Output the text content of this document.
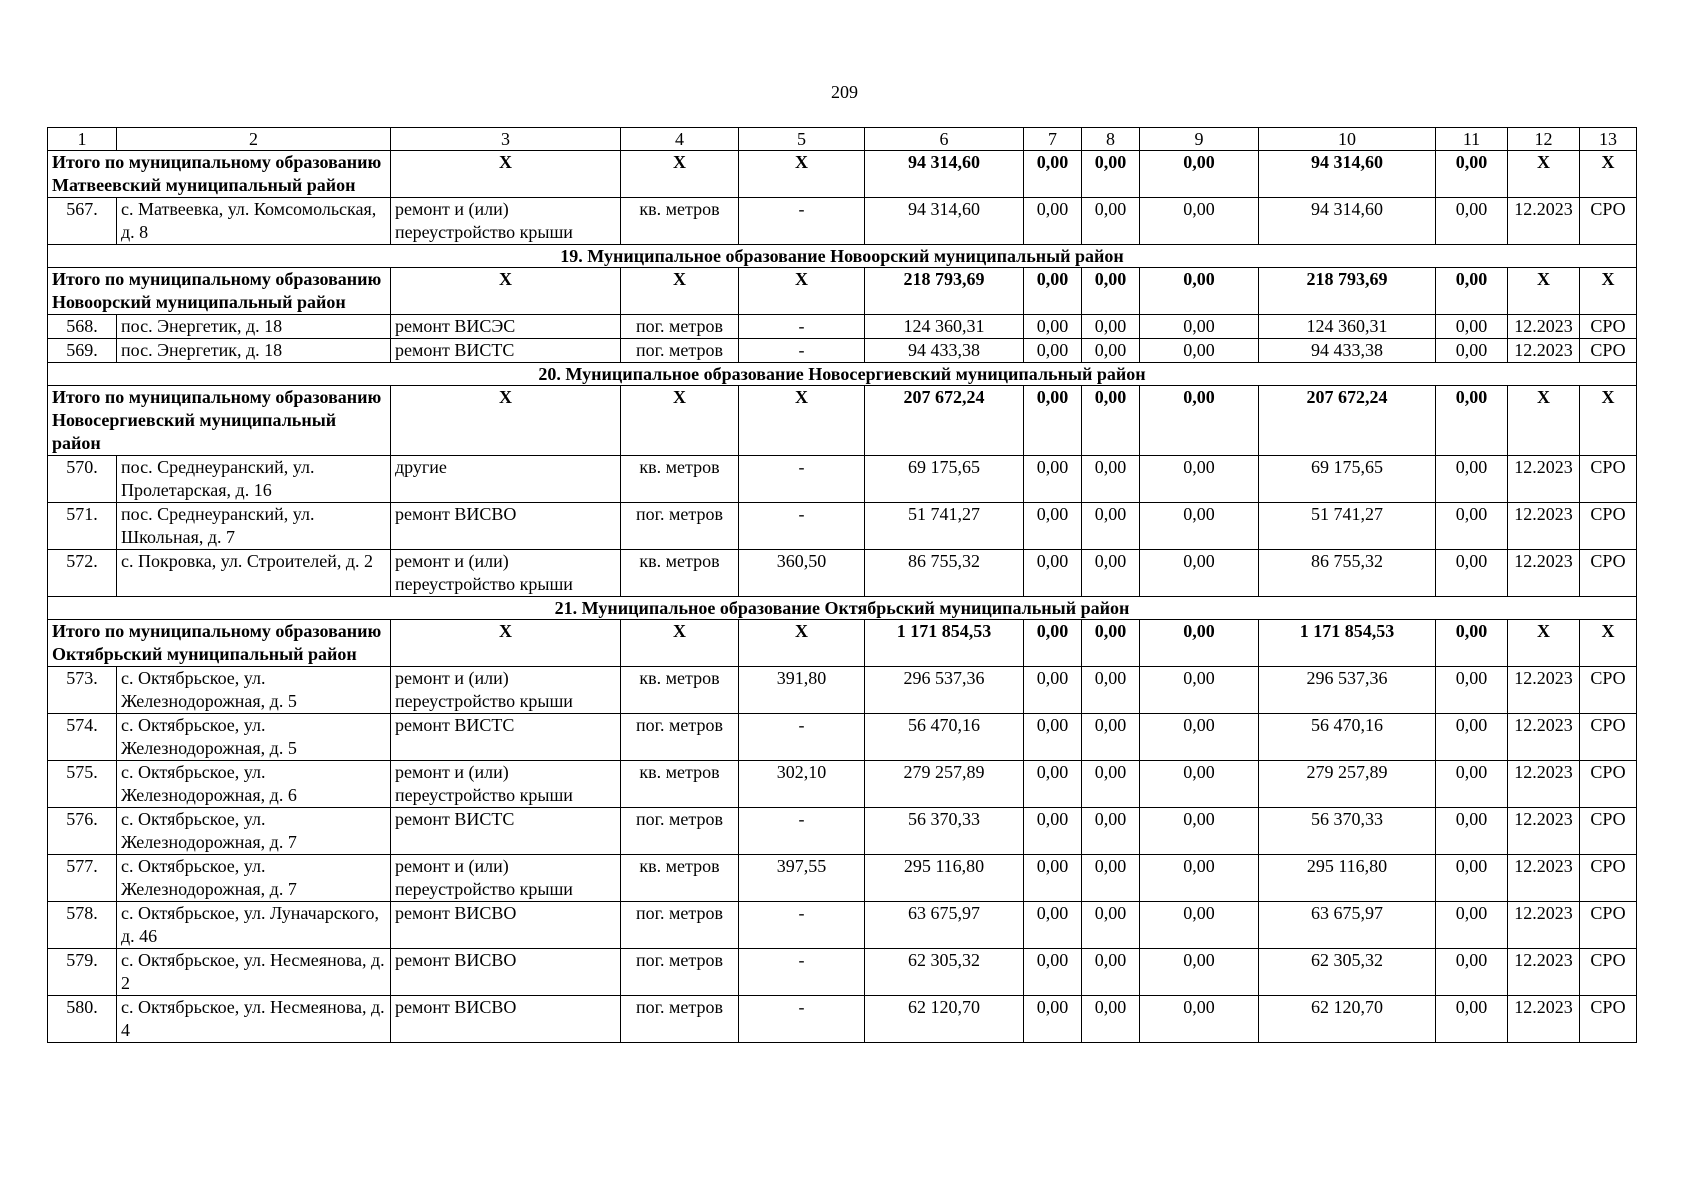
209
1	2	3	4	5	6	7	8	9	10	11	12	13
Итого по муниципальному образованию Матвеевский муниципальный район		Х	Х	Х	94 314,60	0,00	0,00	0,00	94 314,60	0,00	Х	Х
567.	с. Матвеевка, ул. Комсомольская, д. 8	ремонт и (или) переустройство крыши	кв. метров	-	94 314,60	0,00	0,00	0,00	94 314,60	0,00	12.2023	СРО
19. Муниципальное образование Новоорский муниципальный район												
Итого по муниципальному образованию Новоорский муниципальный район		Х	Х	Х	218 793,69	0,00	0,00	0,00	218 793,69	0,00	Х	Х
568.	пос. Энергетик, д. 18	ремонт ВИСЭС	пог. метров	-	124 360,31	0,00	0,00	0,00	124 360,31	0,00	12.2023	СРО
569.	пос. Энергетик, д. 18	ремонт ВИСТС	пог. метров	-	94 433,38	0,00	0,00	0,00	94 433,38	0,00	12.2023	СРО
20. Муниципальное образование Новосергиевский муниципальный район												
Итого по муниципальному образованию Новосергиевский муниципальный район		Х	Х	Х	207 672,24	0,00	0,00	0,00	207 672,24	0,00	Х	Х
570.	пос. Среднеуранский, ул. Пролетарская, д. 16	другие	кв. метров	-	69 175,65	0,00	0,00	0,00	69 175,65	0,00	12.2023	СРО
571.	пос. Среднеуранский, ул. Школьная, д. 7	ремонт ВИСВО	пог. метров	-	51 741,27	0,00	0,00	0,00	51 741,27	0,00	12.2023	СРО
572.	с. Покровка, ул. Строителей, д. 2	ремонт и (или) переустройство крыши	кв. метров	360,50	86 755,32	0,00	0,00	0,00	86 755,32	0,00	12.2023	СРО
21. Муниципальное образование Октябрьский муниципальный район												
Итого по муниципальному образованию Октябрьский муниципальный район		Х	Х	Х	1 171 854,53	0,00	0,00	0,00	1 171 854,53	0,00	Х	Х
573.	с. Октябрьское, ул. Железнодорожная, д. 5	ремонт и (или) переустройство крыши	кв. метров	391,80	296 537,36	0,00	0,00	0,00	296 537,36	0,00	12.2023	СРО
574.	с. Октябрьское, ул. Железнодорожная, д. 5	ремонт ВИСТС	пог. метров	-	56 470,16	0,00	0,00	0,00	56 470,16	0,00	12.2023	СРО
575.	с. Октябрьское, ул. Железнодорожная, д. 6	ремонт и (или) переустройство крыши	кв. метров	302,10	279 257,89	0,00	0,00	0,00	279 257,89	0,00	12.2023	СРО
576.	с. Октябрьское, ул. Железнодорожная, д. 7	ремонт ВИСТС	пог. метров	-	56 370,33	0,00	0,00	0,00	56 370,33	0,00	12.2023	СРО
577.	с. Октябрьское, ул. Железнодорожная, д. 7	ремонт и (или) переустройство крыши	кв. метров	397,55	295 116,80	0,00	0,00	0,00	295 116,80	0,00	12.2023	СРО
578.	с. Октябрьское, ул. Луначарского, д. 46	ремонт ВИСВО	пог. метров	-	63 675,97	0,00	0,00	0,00	63 675,97	0,00	12.2023	СРО
579.	с. Октябрьское, ул. Несмеянова, д. 2	ремонт ВИСВО	пог. метров	-	62 305,32	0,00	0,00	0,00	62 305,32	0,00	12.2023	СРО
580.	с. Октябрьское, ул. Несмеянова, д. 4	ремонт ВИСВО	пог. метров	-	62 120,70	0,00	0,00	0,00	62 120,70	0,00	12.2023	СРО
